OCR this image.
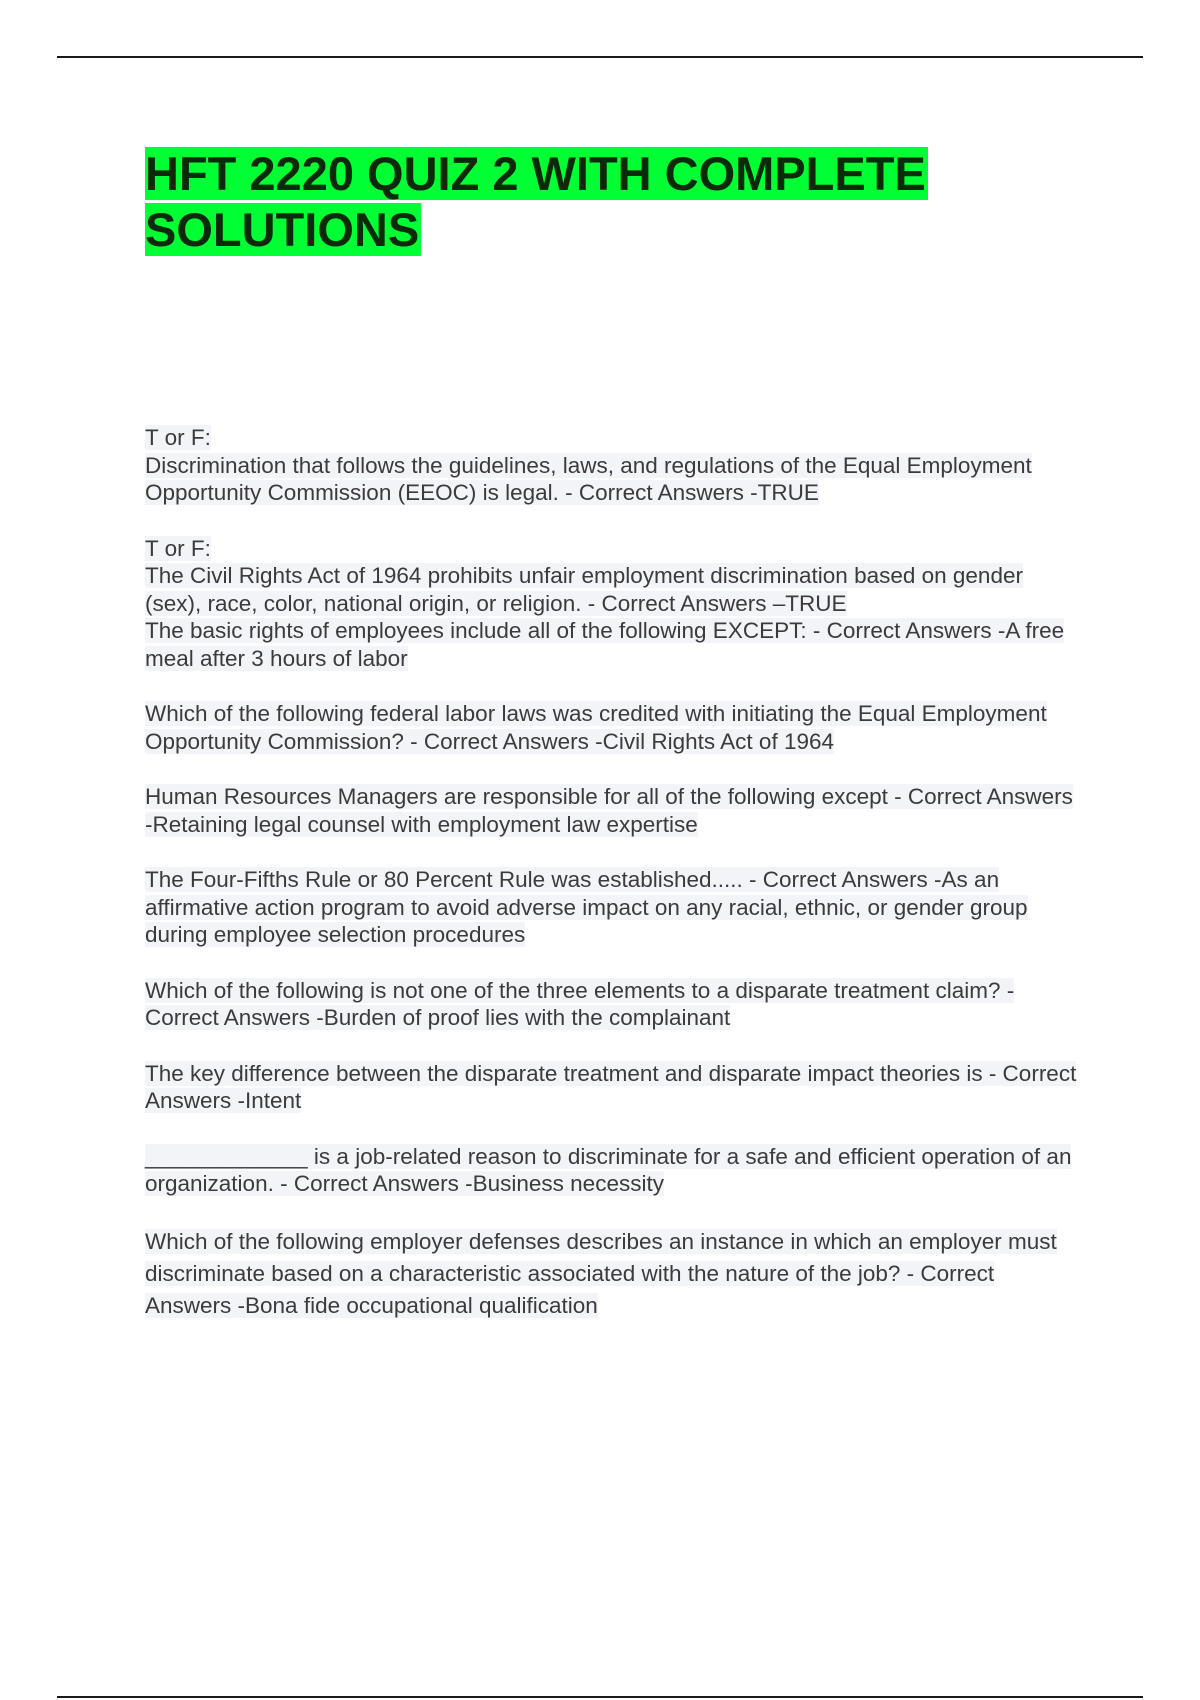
HFT 2220 QUIZ 2 WITH COMPLETE SOLUTIONS

T or F:
Discrimination that follows the guidelines, laws, and regulations of the Equal Employment Opportunity Commission (EEOC) is legal. - Correct Answers -TRUE

T or F:
The Civil Rights Act of 1964 prohibits unfair employment discrimination based on gender (sex), race, color, national origin, or religion. - Correct Answers –TRUE

The basic rights of employees include all of the following EXCEPT: - Correct Answers -A free meal after 3 hours of labor

Which of the following federal labor laws was credited with initiating the Equal Employment Opportunity Commission? - Correct Answers -Civil Rights Act of 1964

Human Resources Managers are responsible for all of the following except - Correct Answers -Retaining legal counsel with employment law expertise

The Four-Fifths Rule or 80 Percent Rule was established..... - Correct Answers -As an affirmative action program to avoid adverse impact on any racial, ethnic, or gender group during employee selection procedures

Which of the following is not one of the three elements to a disparate treatment claim? - Correct Answers -Burden of proof lies with the complainant

The key difference between the disparate treatment and disparate impact theories is - Correct Answers -Intent

_____________ is a job-related reason to discriminate for a safe and efficient operation of an organization. - Correct Answers -Business necessity

Which of the following employer defenses describes an instance in which an employer must discriminate based on a characteristic associated with the nature of the job? - Correct Answers -Bona fide occupational qualification
